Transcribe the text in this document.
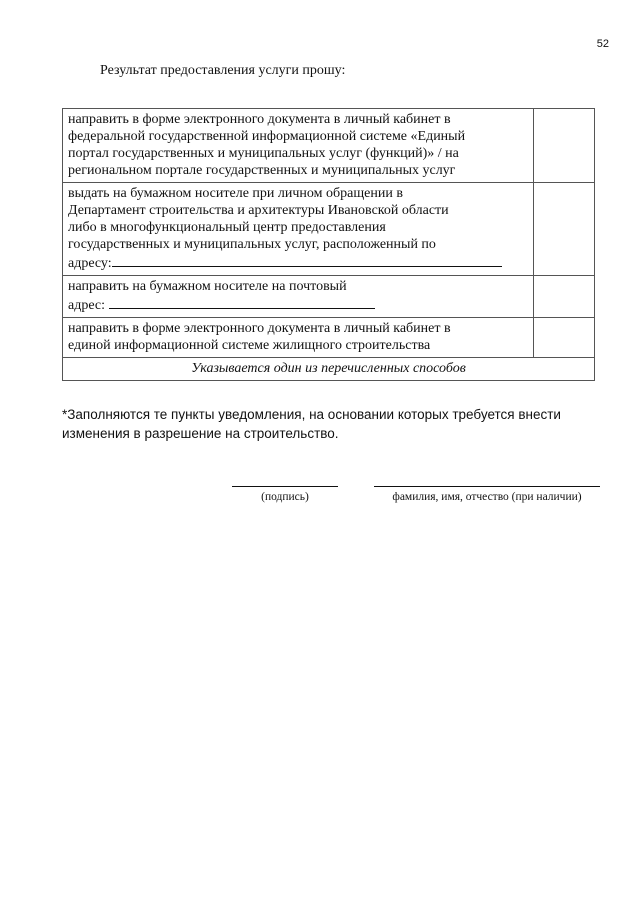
52
Результат предоставления услуги прошу:
направить в форме электронного документа в личный кабинет в
федеральной государственной информационной системе «Единый
портал государственных и муниципальных услуг (функций)» / на
региональном портале государственных и муниципальных услуг	

выдать на бумажном носителе при личном обращении в
Департамент строительства и архитектуры Ивановской области
либо в многофункциональный центр предоставления
государственных и муниципальных услуг, расположенный по
адресу:	

направить на бумажном носителе на почтовый
адрес:	

направить в форме электронного документа в личный кабинет в
единой информационной системе жилищного строительства	

Указывается один из перечисленных способов	
*Заполняются те пункты уведомления, на основании которых требуется внести изменения в разрешение на строительство.
(подпись)	фамилия, имя, отчество (при наличии)
